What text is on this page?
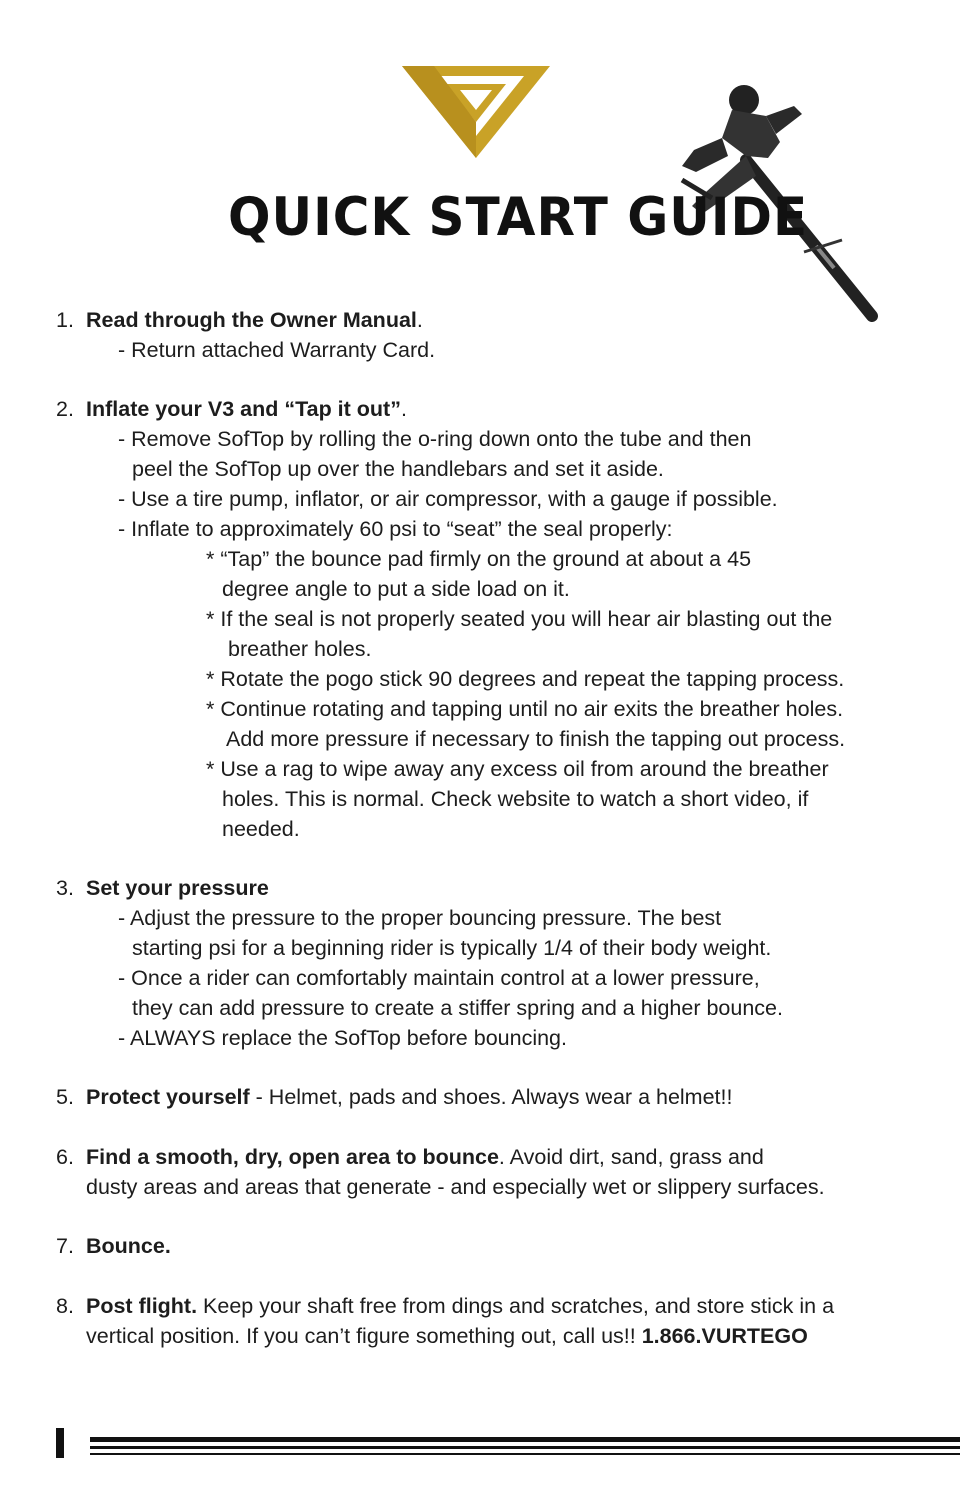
QUICK START GUIDE
1. Read through the Owner Manual.
- Return attached Warranty Card.
2. Inflate your V3 and “Tap it out”.
- Remove SofTop by rolling the o-ring down onto the tube and then
peel the SofTop up over the handlebars and set it aside.
- Use a tire pump, inflator, or air compressor, with a gauge if possible.
- Inflate to approximately 60 psi to “seat” the seal properly:
* “Tap” the bounce pad firmly on the ground at about a 45
degree angle to put a side load on it.
* If the seal is not properly seated you will hear air blasting out the
breather holes.
* Rotate the pogo stick 90 degrees and repeat the tapping process.
* Continue rotating and tapping until no air exits the breather holes.
Add more pressure if necessary to finish the tapping out process.
* Use a rag to wipe away any excess oil from around the breather
holes. This is normal. Check website to watch a short video, if
needed.
3. Set your pressure
- Adjust the pressure to the proper bouncing pressure. The best
starting psi for a beginning rider is typically 1/4 of their body weight.
- Once a rider can comfortably maintain control at a lower pressure,
they can add pressure to create a stiffer spring and a higher bounce.
- ALWAYS replace the SofTop before bouncing.
5. Protect yourself - Helmet, pads and shoes. Always wear a helmet!!
6. Find a smooth, dry, open area to bounce. Avoid dirt, sand, grass and
dusty areas and areas that generate - and especially wet or slippery surfaces.
7. Bounce.
8. Post flight. Keep your shaft free from dings and scratches, and store stick in a
vertical position. If you can’t figure something out, call us!! 1.866.VURTEGO
